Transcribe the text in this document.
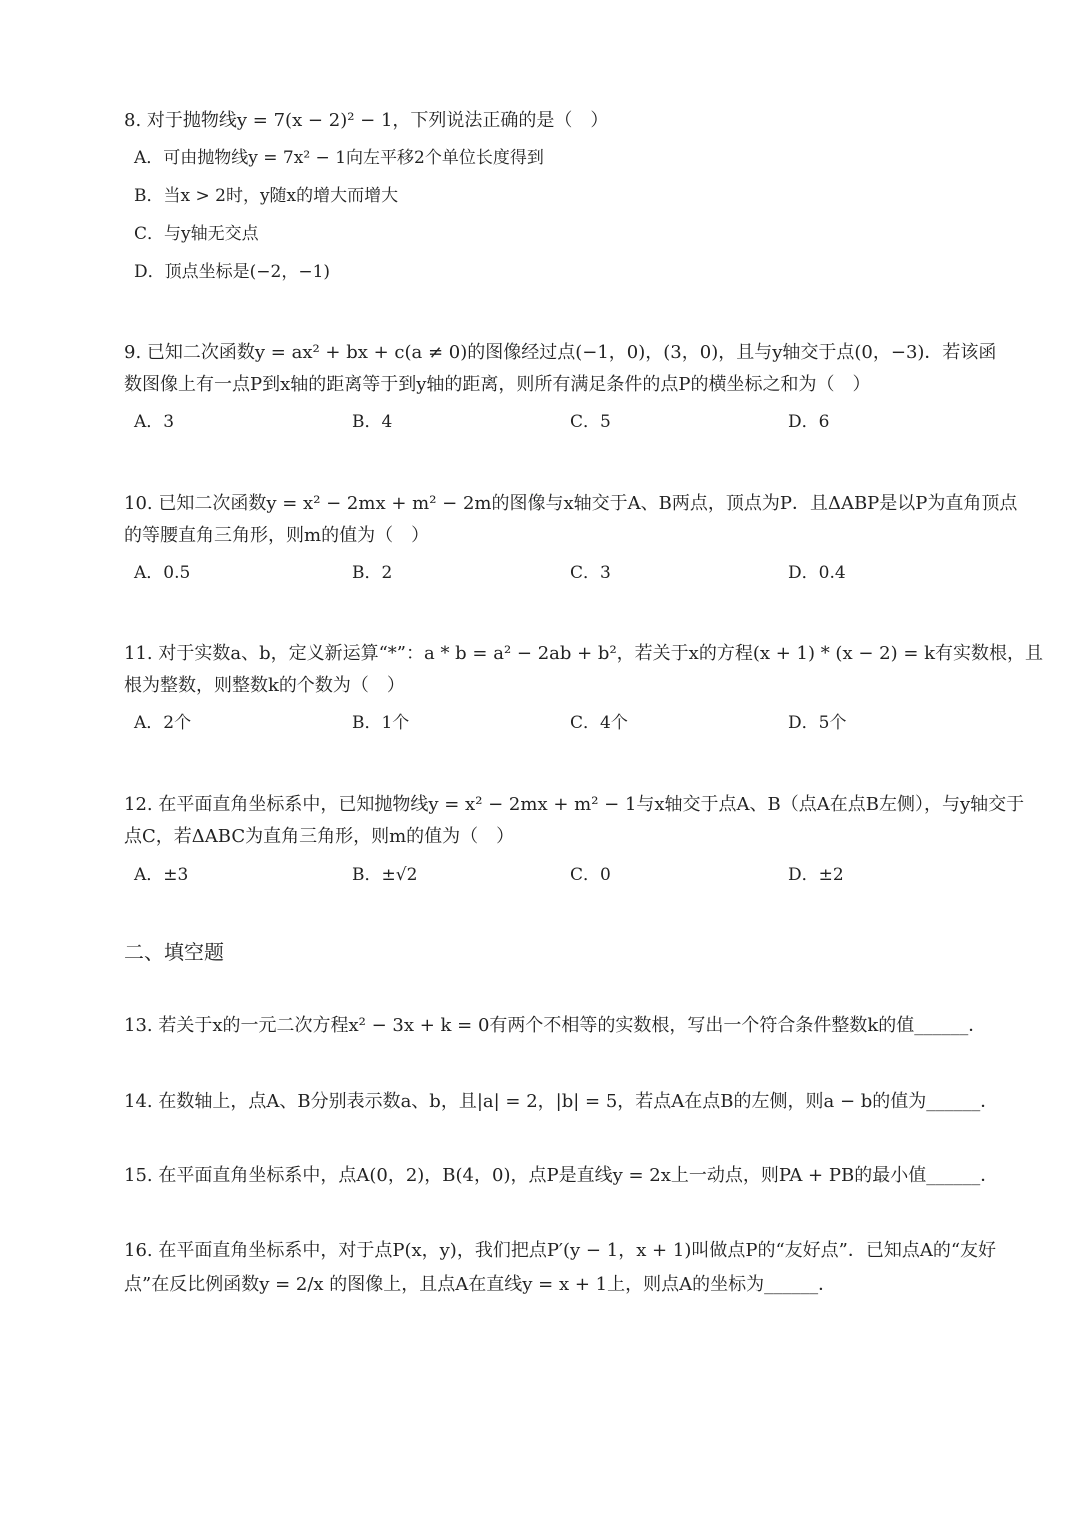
8. 对于抛物线y = 7(x − 2)² − 1，下列说法正确的是（　）
A．可由抛物线y = 7x² − 1向左平移2个单位长度得到
B．当x > 2时，y随x的增大而增大
C．与y轴无交点
D．顶点坐标是(−2，−1)
9. 已知二次函数y = ax² + bx + c(a ≠ 0)的图像经过点(−1，0)，(3，0)，且与y轴交于点(0，−3)．若该函
数图像上有一点P到x轴的距离等于到y轴的距离，则所有满足条件的点P的横坐标之和为（　）
A．3	B．4	C．5	D．6
10. 已知二次函数y = x² − 2mx + m² − 2m的图像与x轴交于A、B两点，顶点为P．且ΔABP是以P为直角顶点
的等腰直角三角形，则m的值为（　）
A．0.5	B．2	C．3	D．0.4
11. 对于实数a、b，定义新运算“*”：a * b = a² − 2ab + b²，若关于x的方程(x + 1) * (x − 2) = k有实数根，且
根为整数，则整数k的个数为（　）
A．2个	B．1个	C．4个	D．5个
12. 在平面直角坐标系中，已知抛物线y = x² − 2mx + m² − 1与x轴交于点A、B（点A在点B左侧），与y轴交于
点C，若ΔABC为直角三角形，则m的值为（　）
A．±3	B．±√2	C．0	D．±2
二、填空题
13. 若关于x的一元二次方程x² − 3x + k = 0有两个不相等的实数根，写出一个符合条件整数k的值______．
14. 在数轴上，点A、B分别表示数a、b，且|a| = 2，|b| = 5，若点A在点B的左侧，则a − b的值为______．
15. 在平面直角坐标系中，点A(0，2)，B(4，0)，点P是直线y = 2x上一动点，则PA + PB的最小值______．
16. 在平面直角坐标系中，对于点P(x，y)，我们把点P′(y − 1，x + 1)叫做点P的“友好点”．已知点A的“友好
点”在反比例函数y = 2/x 的图像上，且点A在直线y = x + 1上，则点A的坐标为______．
